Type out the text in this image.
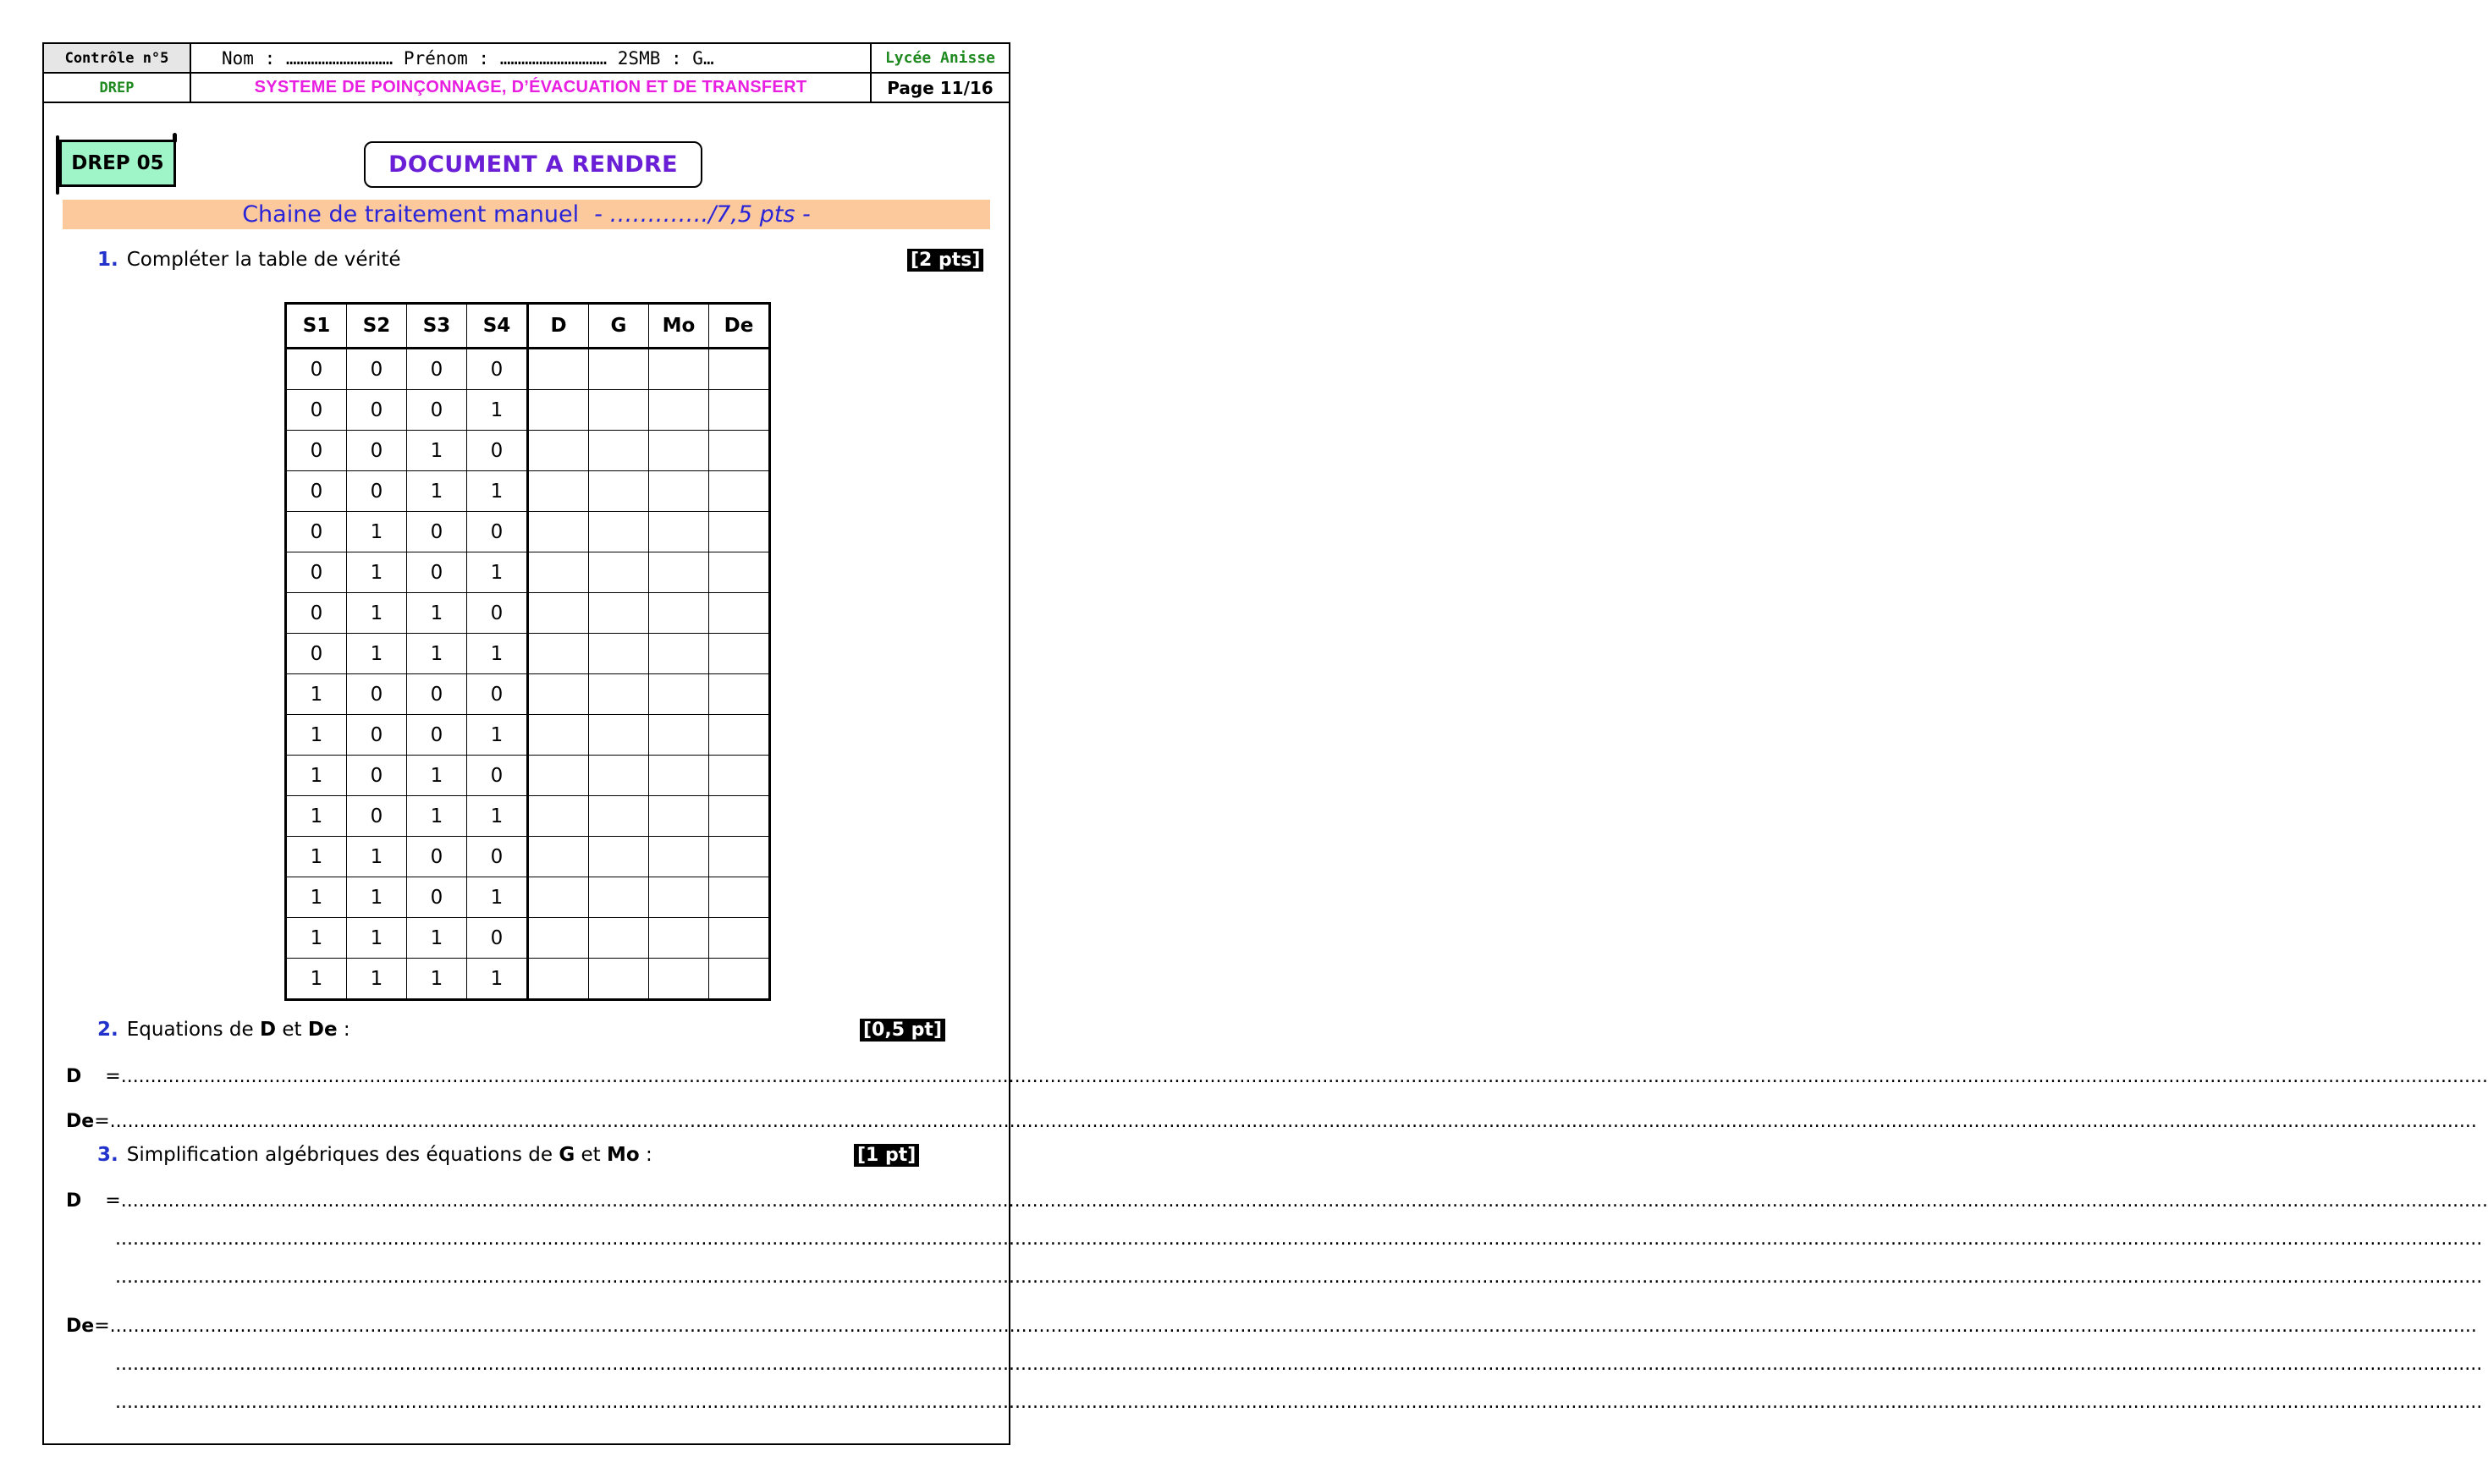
Contrôle n°5	Nom : ………………………… Prénom : ………………………… 2SMB : G…	Lycée Anisse
DREP	SYSTEME DE POINÇONNAGE, D’ÉVACUATION ET DE TRANSFERT	Page 11/16
DREP 05	DOCUMENT A RENDRE
Chaine de traitement manuel - …………./7,5 pts -
1. Compléter la table de vérité	[2 pts]
S1	S2	S3	S4	D	G	Mo	De
0	0	0	0				
0	0	0	1				
0	0	1	0				
0	0	1	1				
0	1	0	0				
0	1	0	1				
0	1	1	0				
0	1	1	1				
1	0	0	0				
1	0	0	1				
1	0	1	0				
1	0	1	1				
1	1	0	0				
1	1	0	1				
1	1	1	0				
1	1	1	1				
2. Equations de D et De :	[0,5 pt]
D =................................................................................................................................................................................................................................................................................................................................................................................................................
De=................................................................................................................................................................................................................................................................................................................................................................................................................
3. Simplification algébriques des équations de G et Mo :	[1 pt]
D =................................................................................................................................................................................................................................................................................................................................................................................................................
................................................................................................................................................................................................................................................................................................................................................................................................................
................................................................................................................................................................................................................................................................................................................................................................................................................
De=................................................................................................................................................................................................................................................................................................................................................................................................................
................................................................................................................................................................................................................................................................................................................................................................................................................
................................................................................................................................................................................................................................................................................................................................................................................................................
